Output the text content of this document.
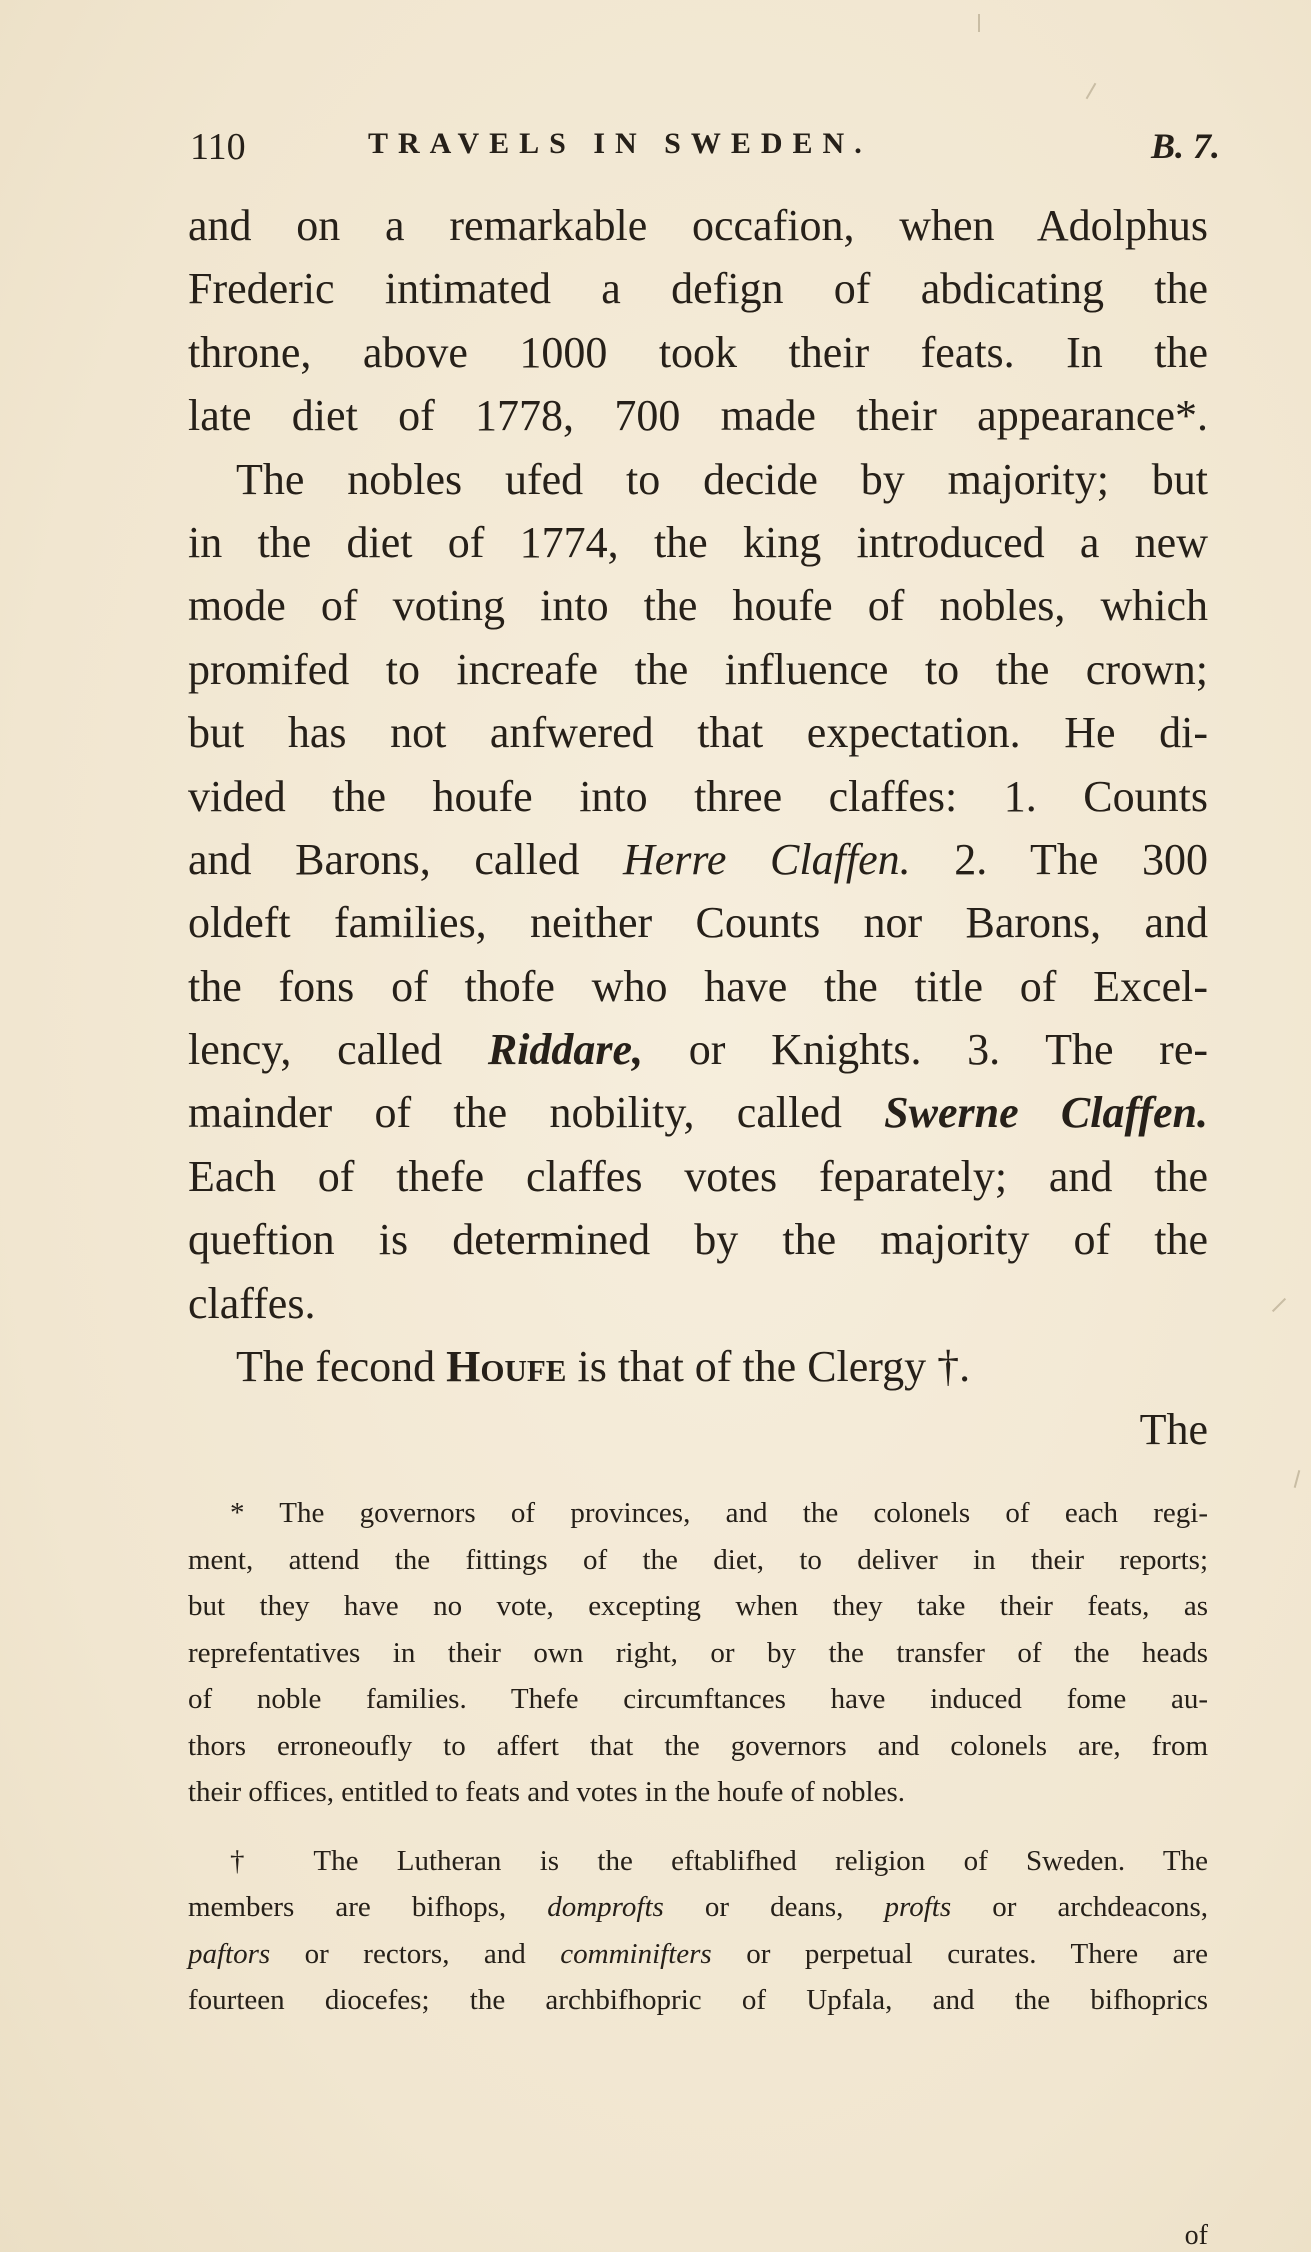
110	TRAVELS IN SWEDEN.	B. 7.
and on a remarkable occafion, when Adolphus
Frederic intimated a defign of abdicating the
throne, above 1000 took their feats. In the
late diet of 1778, 700 made their appearance*.
The nobles ufed to decide by majority; but
in the diet of 1774, the king introduced a new
mode of voting into the houfe of nobles, which
promifed to increafe the influence to the crown;
but has not anfwered that expectation. He di-
vided the houfe into three claffes: 1. Counts
and Barons, called Herre Claffen. 2. The 300
oldeft families, neither Counts nor Barons, and
the fons of thofe who have the title of Excel-
lency, called Riddare, or Knights. 3. The re-
mainder of the nobility, called Swerne Claffen.
Each of thefe claffes votes feparately; and the
queftion is determined by the majority of the
claffes.
The fecond Houfe is that of the Clergy †.
The
* The governors of provinces, and the colonels of each regi-
ment, attend the fittings of the diet, to deliver in their reports;
but they have no vote, excepting when they take their feats, as
reprefentatives in their own right, or by the transfer of the heads
of noble families. Thefe circumftances have induced fome au-
thors erroneoufly to affert that the governors and colonels are, from
their offices, entitled to feats and votes in the houfe of nobles.
† The Lutheran is the eftablifhed religion of Sweden. The
members are bifhops, domprofts or deans, profts or archdeacons,
paftors or rectors, and comminifters or perpetual curates. There are
fourteen diocefes; the archbifhopric of Upfala, and the bifhoprics
of
